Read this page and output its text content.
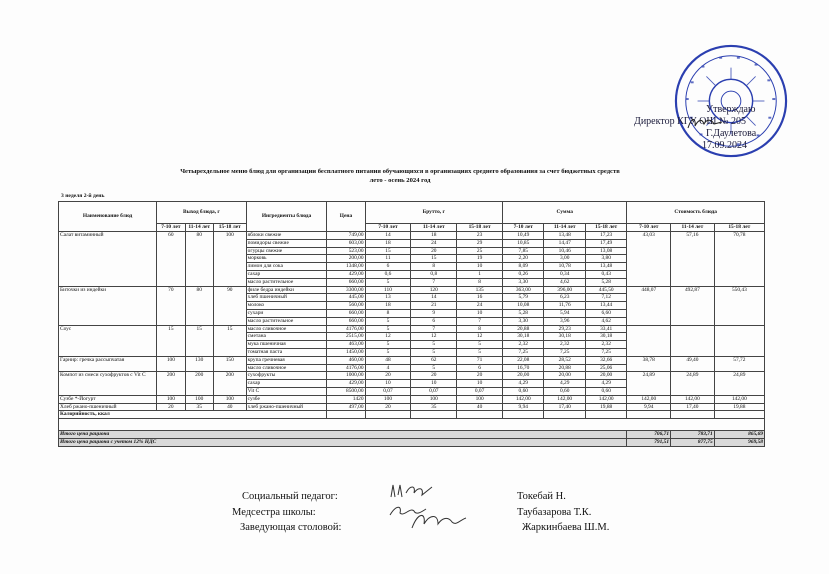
Утверждаю
Директор КГУ ОШ № 205
Г.Даулетова
17.09.2024
Четырехдельное меню блюд для организации бесплатного питания обучающихся в организациях среднего образования за счет бюджетных средств
лето - осень 2024 год
3 неделя 2-й день
Наименование блюд	Выход блюда, г			Ингредиенты блюда	Цена	Брутто, г			Сумма			Стоимость блюда		
	7-10 лет	11-14 лет	15-18 лет			7-10 лет	11-14 лет	15-18 лет	7-10 лет	11-14 лет	15-18 лет	7-10 лет	11-14 лет	15-18 лет
Салат витаминный	60	80	100	яблоки свежие	749,00	14	18	23	10,49	13,48	17,23	43,03	57,16	70,78
				помидоры свежие	603,00	18	24	29	10,85	14,47	17,49			
				огурцы свежие	523,00	15	20	25	7,85	10,46	13,08			
				морковь	200,00	11	15	19	2,20	3,00	3,80			
				лимон для сока	1348,00	6	8	10	8,09	10,78	13,48			
				сахар	429,00	0,6	0,8	1	0,26	0,34	0,43			
				масло растительное	660,00	5	7	8	3,30	4,62	5,28			
Биточки из индейки	70	80	90	филе бедра индейки	3300,00	110	120	135	363,00	396,00	445,50	448,07	492,87	550,43
				хлеб пшеничный	445,00	13	14	16	5,79	6,23	7,12			
				молоко	560,00	18	21	24	10,08	11,76	13,44			
				сухари	660,00	8	9	10	5,28	5,94	6,60			
				масло растительное	660,00	5	6	7	3,30	3,96	4,62			
Соус	15	15	15	масло сливочное	4176,00	5	7	8	20,88	29,23	33,41			
				сметана	2515,00	12	12	12	30,18	30,18	30,18			
				мука пшеничная	463,00	5	5	5	2,32	2,32	2,32			
				томатная паста	1450,00	5	5	5	7,25	7,25	7,25			
Гарнир: гречка рассыпчатая	100	130	150	крупа гречневая	460,00	48	62	71	22,08	28,52	32,66	38,78	49,40	57,72
				масло сливочное	4176,00	4	5	6	16,70	20,88	25,06			
Компот из смеси сухофруктов с Vit C	200	200	200	сухофрукты	1000,00	20	20	20	20,00	20,00	20,00	24,89	24,89	24,89
				сахар	429,00	10	10	10	4,29	4,29	4,29			
				Vit C	8500,00	0,07	0,07	0,07	0,60	0,60	0,60			
Сузбе *-Йогурт	100	100	100	сузбе	1420	100	100	100	142,00	142,00	142,00	142,00	142,00	142,00
Хлеб ржано-пшеничный	20	35	40	хлеб ржано-пшеничный	497,00	20	35	40	9,94	17,40	19,88	9,94	17,40	19,88
Калорийность, ккал														

Итого цена рациона												706,71	783,71	865,69
Итого цена рациона с учетом 12% НДС												791,51	877,75	969,58
Социальный педагог:	Токебай Н.
Медсестра школы:	Таубазарова Т.К.
Заведующая столовой:	Жаркинбаева Ш.М.
